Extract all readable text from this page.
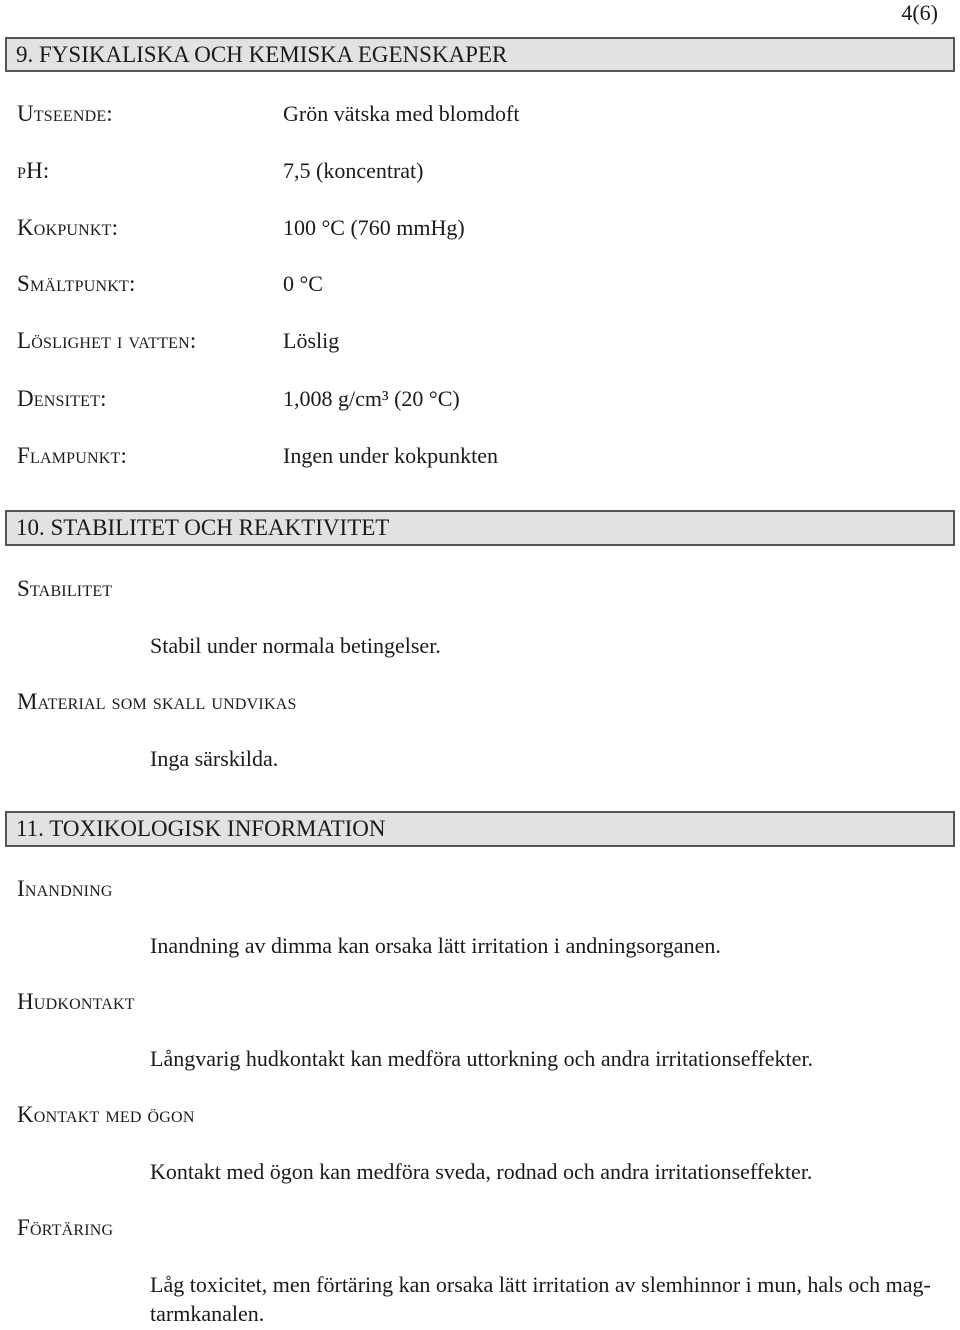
4(6)
9. FYSIKALISKA OCH KEMISKA EGENSKAPER
Utseende:	Grön vätska med blomdoft
pH:	7,5 (koncentrat)
Kokpunkt:	100 °C (760 mmHg)
Smältpunkt:	0 °C
Löslighet i vatten:	Löslig
Densitet:	1,008 g/cm³ (20 °C)
Flampunkt:	Ingen under kokpunkten
10. STABILITET OCH REAKTIVITET
Stabilitet
Stabil under normala betingelser.
Material som skall undvikas
Inga särskilda.
11. TOXIKOLOGISK INFORMATION
Inandning
Inandning av dimma kan orsaka lätt irritation i andningsorganen.
Hudkontakt
Långvarig hudkontakt kan medföra uttorkning och andra irritationseffekter.
Kontakt med ögon
Kontakt med ögon kan medföra sveda, rodnad och andra irritationseffekter.
Förtäring
Låg toxicitet, men förtäring kan orsaka lätt irritation av slemhinnor i mun, hals och mag-tarmkanalen.
